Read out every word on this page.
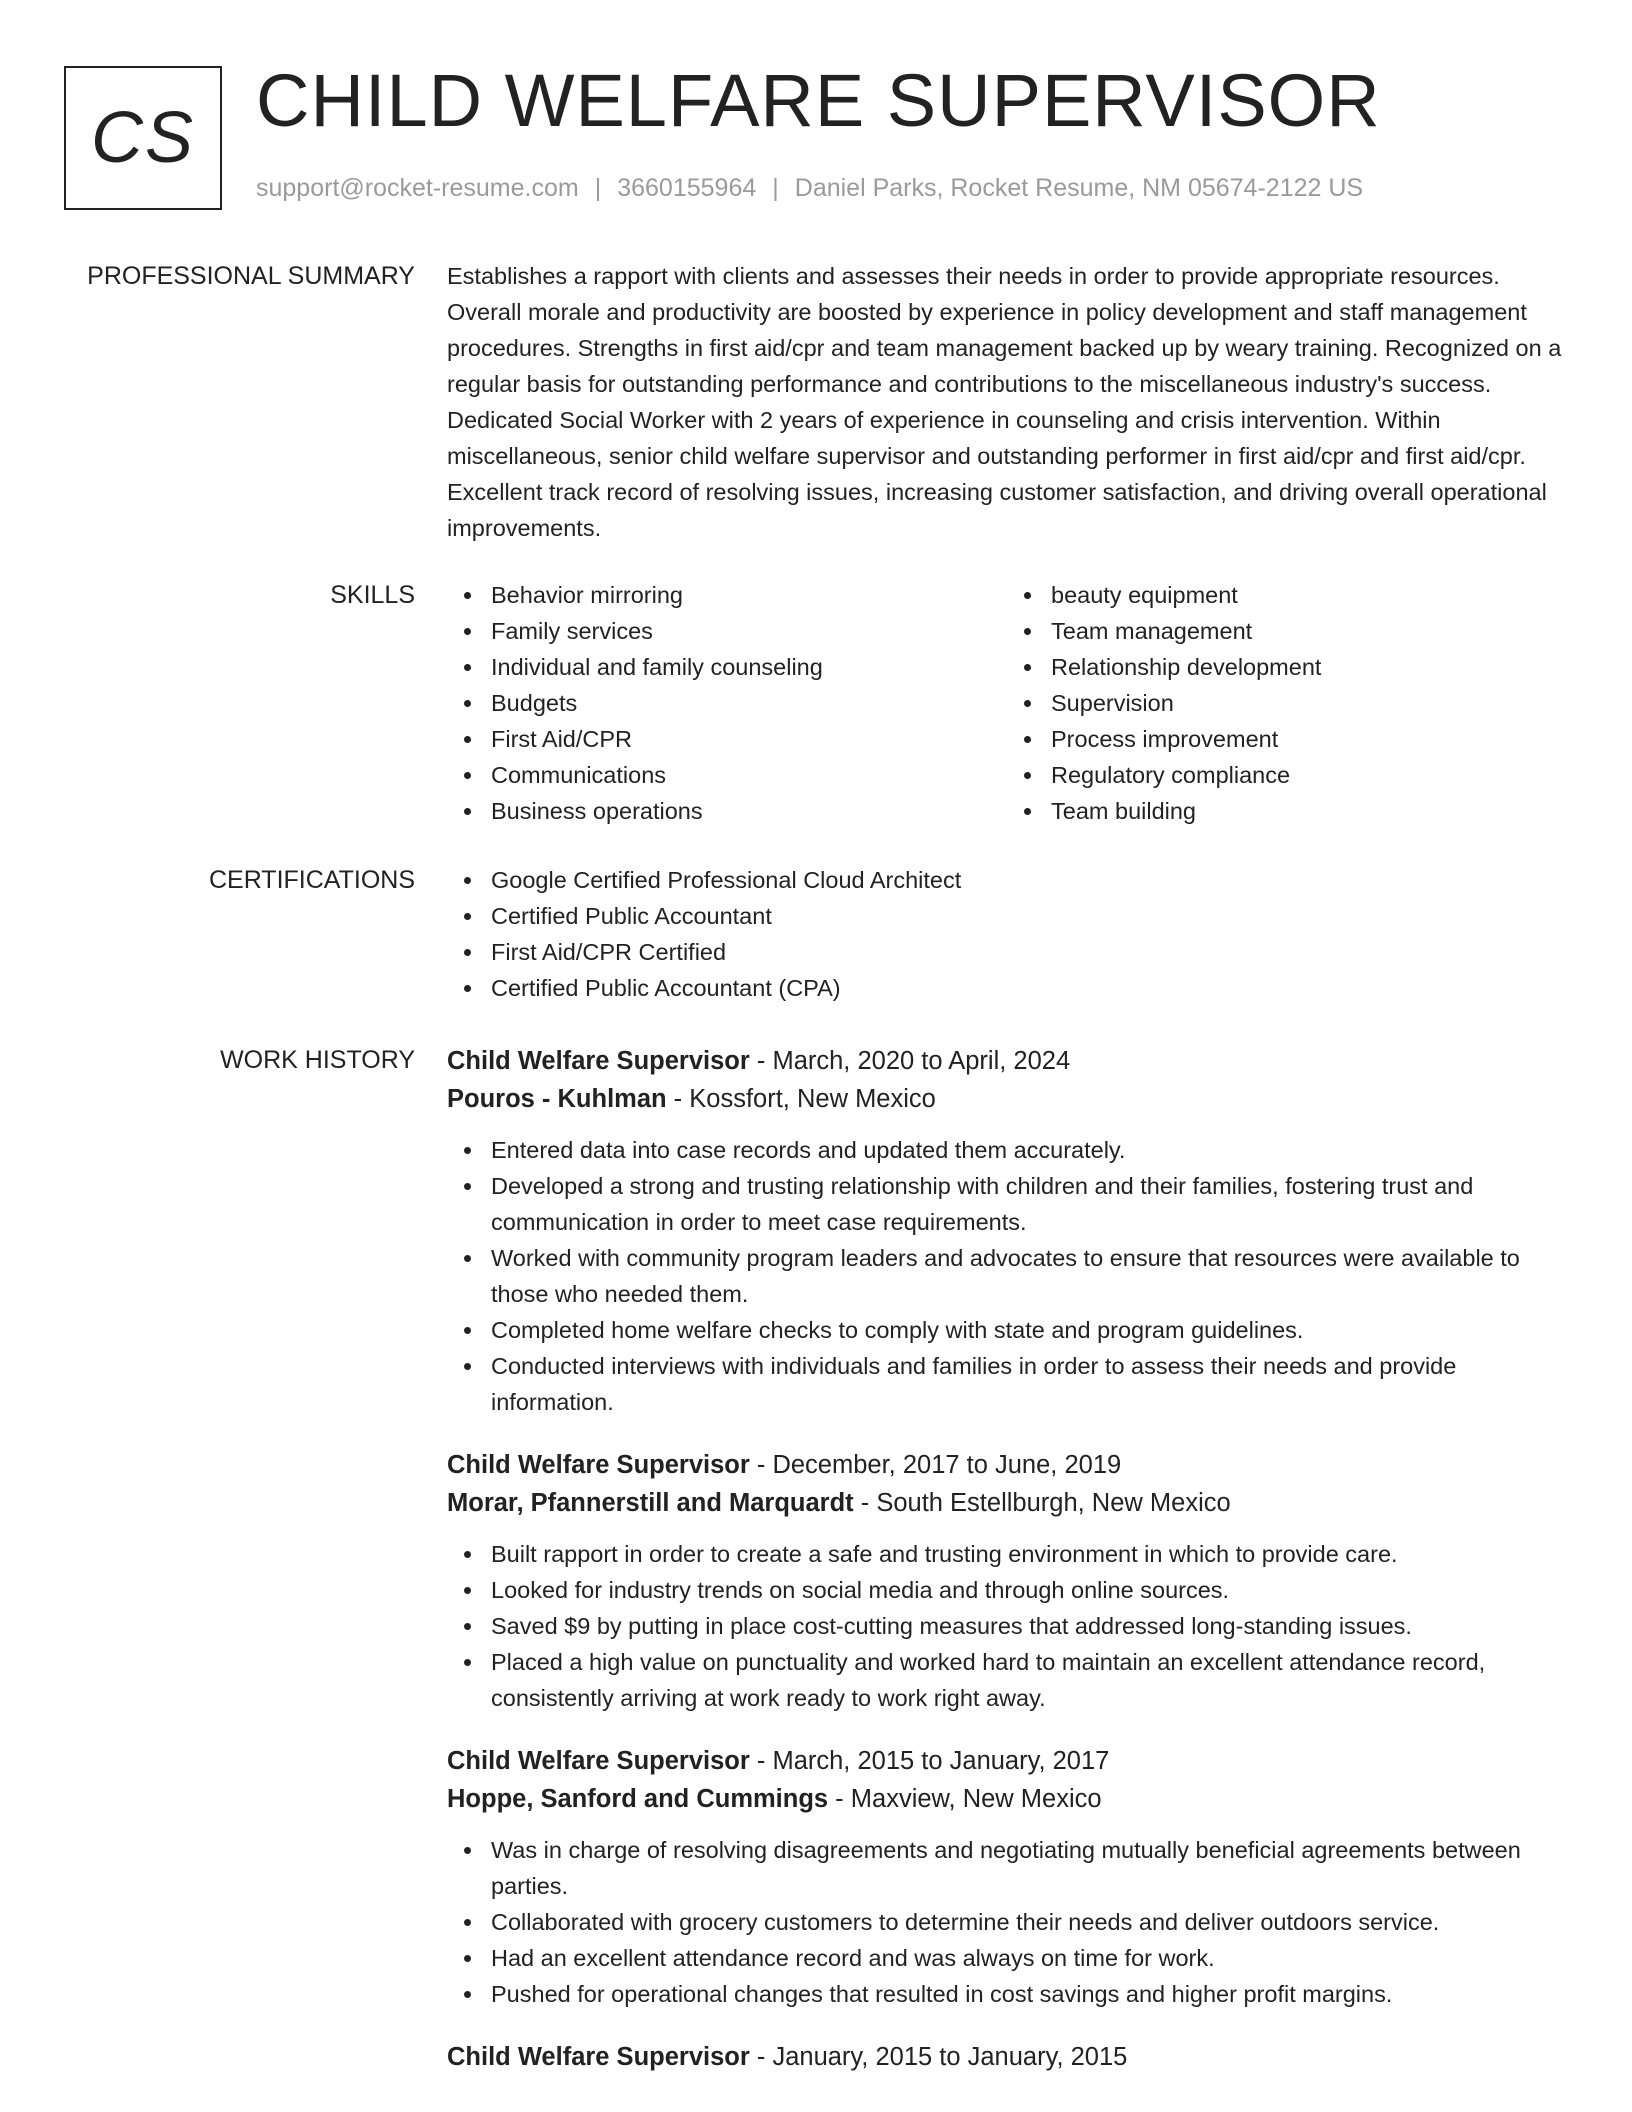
CS CHILD WELFARE SUPERVISOR
support@rocket-resume.com | 3660155964 | Daniel Parks, Rocket Resume, NM 05674-2122 US
PROFESSIONAL SUMMARY Establishes a rapport with clients and assesses their needs in order to provide appropriate resources. Overall morale and productivity are boosted by experience in policy development and staff management procedures. Strengths in first aid/cpr and team management backed up by weary training. Recognized on a regular basis for outstanding performance and contributions to the miscellaneous industry's success. Dedicated Social Worker with 2 years of experience in counseling and crisis intervention. Within miscellaneous, senior child welfare supervisor and outstanding performer in first aid/cpr and first aid/cpr. Excellent track record of resolving issues, increasing customer satisfaction, and driving overall operational improvements.

SKILLS	Behavior mirroring
Family services
Individual and family counseling
Budgets
First Aid/CPR
Communications
Business operations
beauty equipment
Team management
Relationship development
Supervision
Process improvement
Regulatory compliance
Team building
CERTIFICATIONS	Google Certified Professional Cloud Architect
Certified Public Accountant
First Aid/CPR Certified
Certified Public Accountant (CPA)
WORK HISTORY Child Welfare Supervisor - March, 2020 to April, 2024
Pouros - Kuhlman - Kossfort, New Mexico
Entered data into case records and updated them accurately.
Developed a strong and trusting relationship with children and their families, fostering trust and communication in order to meet case requirements.
Worked with community program leaders and advocates to ensure that resources were available to those who needed them.
Completed home welfare checks to comply with state and program guidelines.
Conducted interviews with individuals and families in order to assess their needs and provide information.
Child Welfare Supervisor - December, 2017 to June, 2019
Morar, Pfannerstill and Marquardt - South Estellburgh, New Mexico
Built rapport in order to create a safe and trusting environment in which to provide care.
Looked for industry trends on social media and through online sources.
Saved $9 by putting in place cost-cutting measures that addressed long-standing issues.
Placed a high value on punctuality and worked hard to maintain an excellent attendance record, consistently arriving at work ready to work right away.
Child Welfare Supervisor - March, 2015 to January, 2017
Hoppe, Sanford and Cummings - Maxview, New Mexico
Was in charge of resolving disagreements and negotiating mutually beneficial agreements between parties.
Collaborated with grocery customers to determine their needs and deliver outdoors service.
Had an excellent attendance record and was always on time for work.
Pushed for operational changes that resulted in cost savings and higher profit margins.
Child Welfare Supervisor - January, 2015 to January, 2015
